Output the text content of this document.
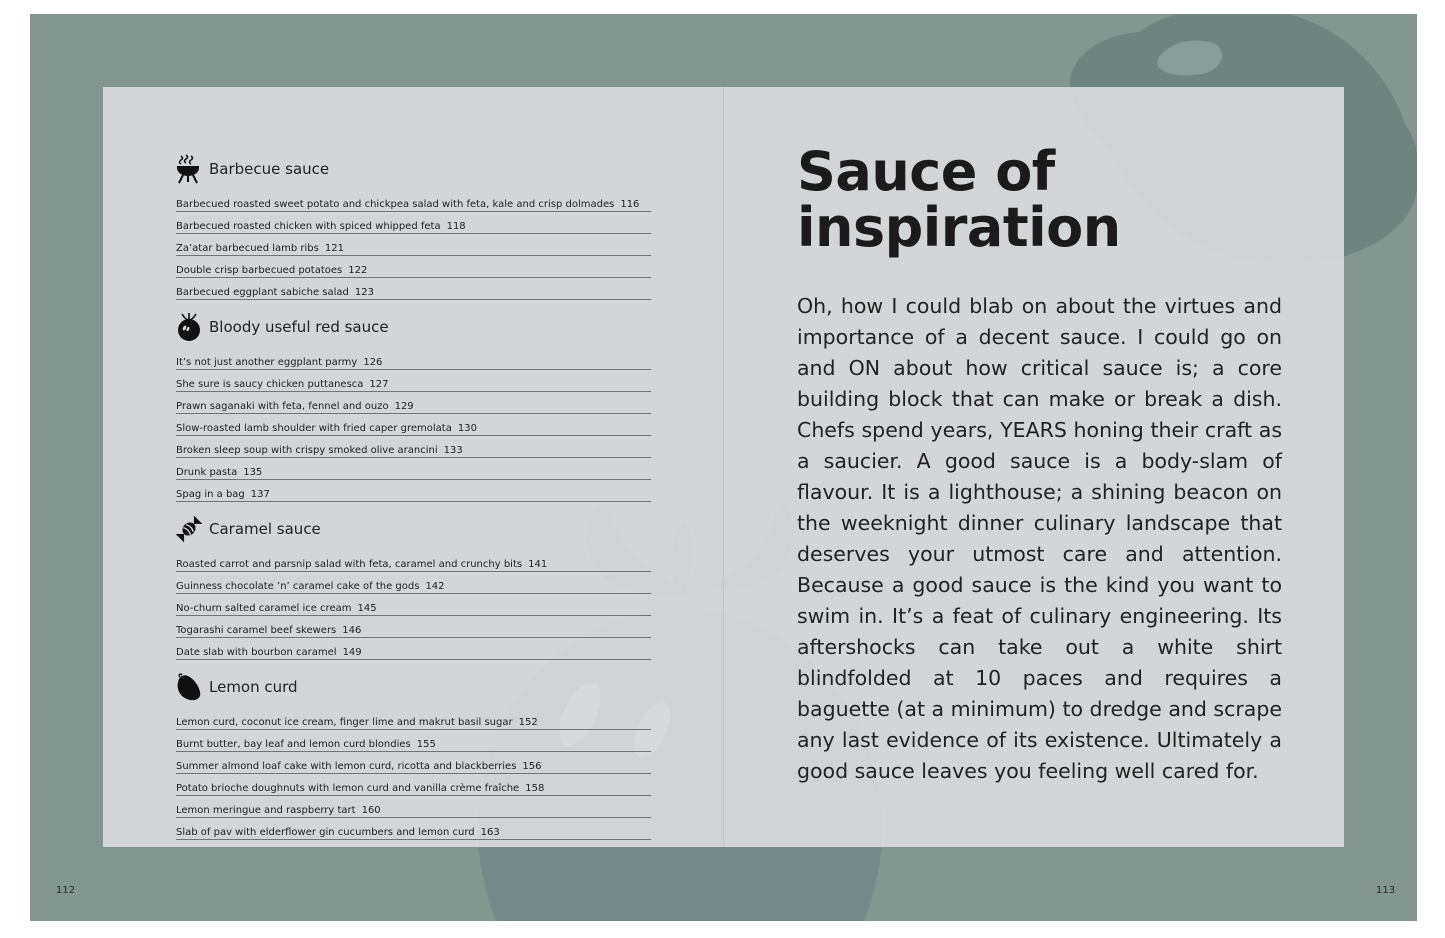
Barbecue sauce
Barbecued roasted sweet potato and chickpea salad with feta, kale and crisp dolmades 116
Barbecued roasted chicken with spiced whipped feta 118
Za’atar barbecued lamb ribs 121
Double crisp barbecued potatoes 122
Barbecued eggplant sabiche salad 123
Bloody useful red sauce
It’s not just another eggplant parmy 126
She sure is saucy chicken puttanesca 127
Prawn saganaki with feta, fennel and ouzo 129
Slow-roasted lamb shoulder with fried caper gremolata 130
Broken sleep soup with crispy smoked olive arancini 133
Drunk pasta 135
Spag in a bag 137
Caramel sauce
Roasted carrot and parsnip salad with feta, caramel and crunchy bits 141
Guinness chocolate ’n’ caramel cake of the gods 142
No-churn salted caramel ice cream 145
Togarashi caramel beef skewers 146
Date slab with bourbon caramel 149
Lemon curd
Lemon curd, coconut ice cream, finger lime and makrut basil sugar 152
Burnt butter, bay leaf and lemon curd blondies 155
Summer almond loaf cake with lemon curd, ricotta and blackberries 156
Potato brioche doughnuts with lemon curd and vanilla crème fraîche 158
Lemon meringue and raspberry tart 160
Slab of pav with elderflower gin cucumbers and lemon curd 163
Sauce of
inspiration

Oh, how I could blab on about the virtues and importance of a decent sauce. I could go on and ON about how critical sauce is; a core building block that can make or break a dish. Chefs spend years, YEARS honing their craft as a saucier. A good sauce is a body-slam of flavour. It is a lighthouse; a shining beacon on the weeknight dinner culinary landscape that deserves your utmost care and attention. Because a good sauce is the kind you want to swim in. It’s a feat of culinary engineering. Its aftershocks can take out a white shirt blindfolded at 10 paces and requires a baguette (at a minimum) to dredge and scrape any last evidence of its existence. Ultimately a good sauce leaves you feeling well cared for.

112	113
